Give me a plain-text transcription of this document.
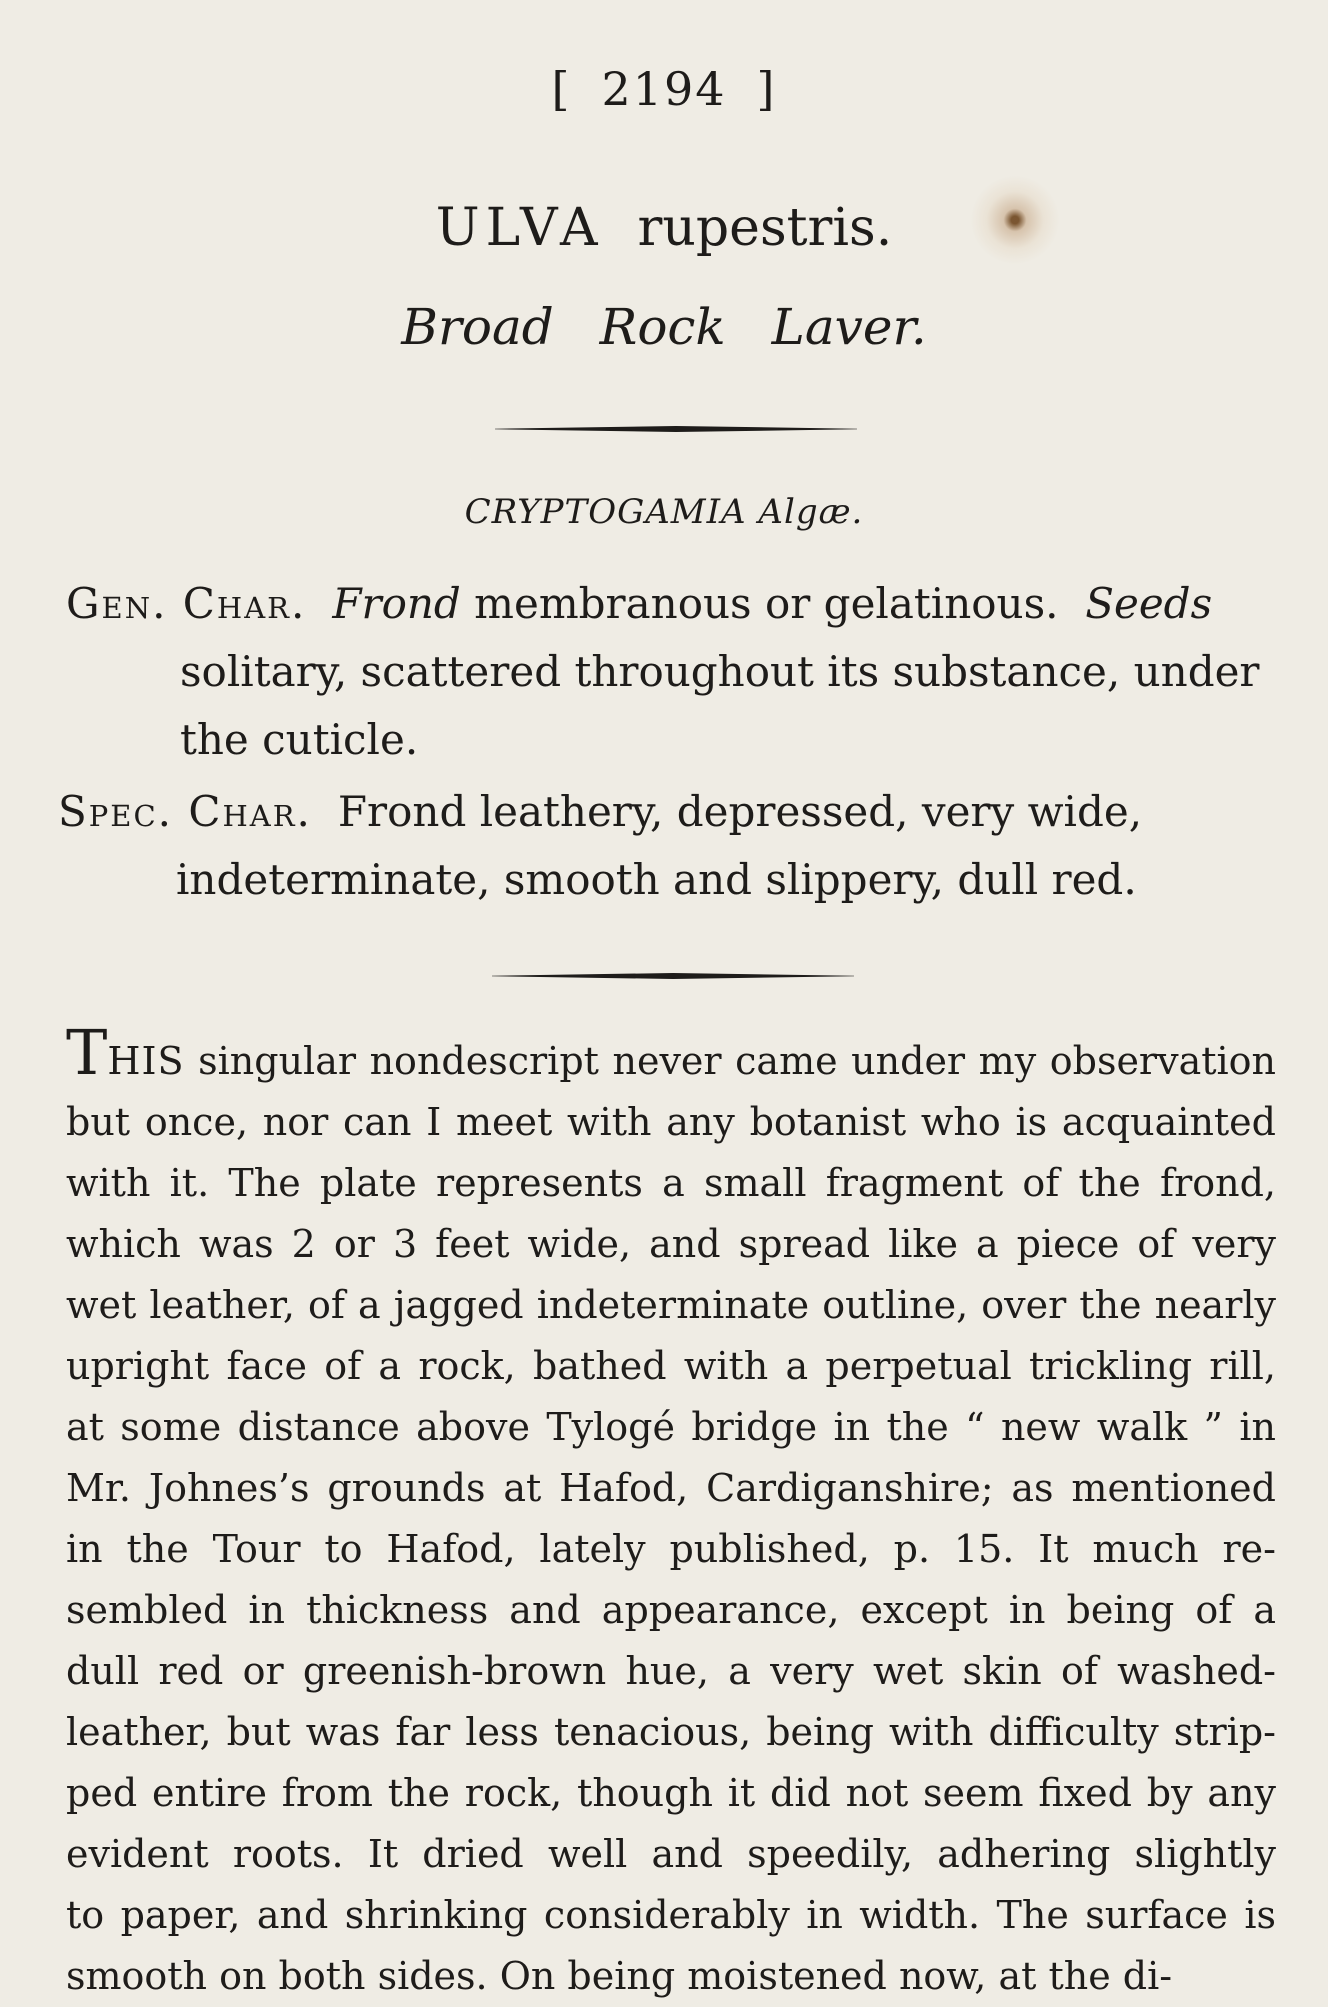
[ 2194 ]
ULVA rupestris.
Broad Rock Laver.
CRYPTOGAMIA Algæ.
Gen. Char. Frond membranous or gelatinous. Seeds
solitary, scattered throughout its substance, under
the cuticle.
Spec. Char. Frond leathery, depressed, very wide,
indeterminate, smooth and slippery, dull red.
THIS singular nondescript never came under my observation
but once, nor can I meet with any botanist who is acquainted
with it. The plate represents a small fragment of the frond,
which was 2 or 3 feet wide, and spread like a piece of very
wet leather, of a jagged indeterminate outline, over the nearly
upright face of a rock, bathed with a perpetual trickling rill,
at some distance above Tylogé bridge in the “ new walk ” in
Mr. Johnes’s grounds at Hafod, Cardiganshire; as mentioned
in the Tour to Hafod, lately published, p. 15. It much re-
sembled in thickness and appearance, except in being of a
dull red or greenish-brown hue, a very wet skin of washed-
leather, but was far less tenacious, being with difficulty strip-
ped entire from the rock, though it did not seem fixed by any
evident roots. It dried well and speedily, adhering slightly
to paper, and shrinking considerably in width. The surface is
smooth on both sides. On being moistened now, at the di-
